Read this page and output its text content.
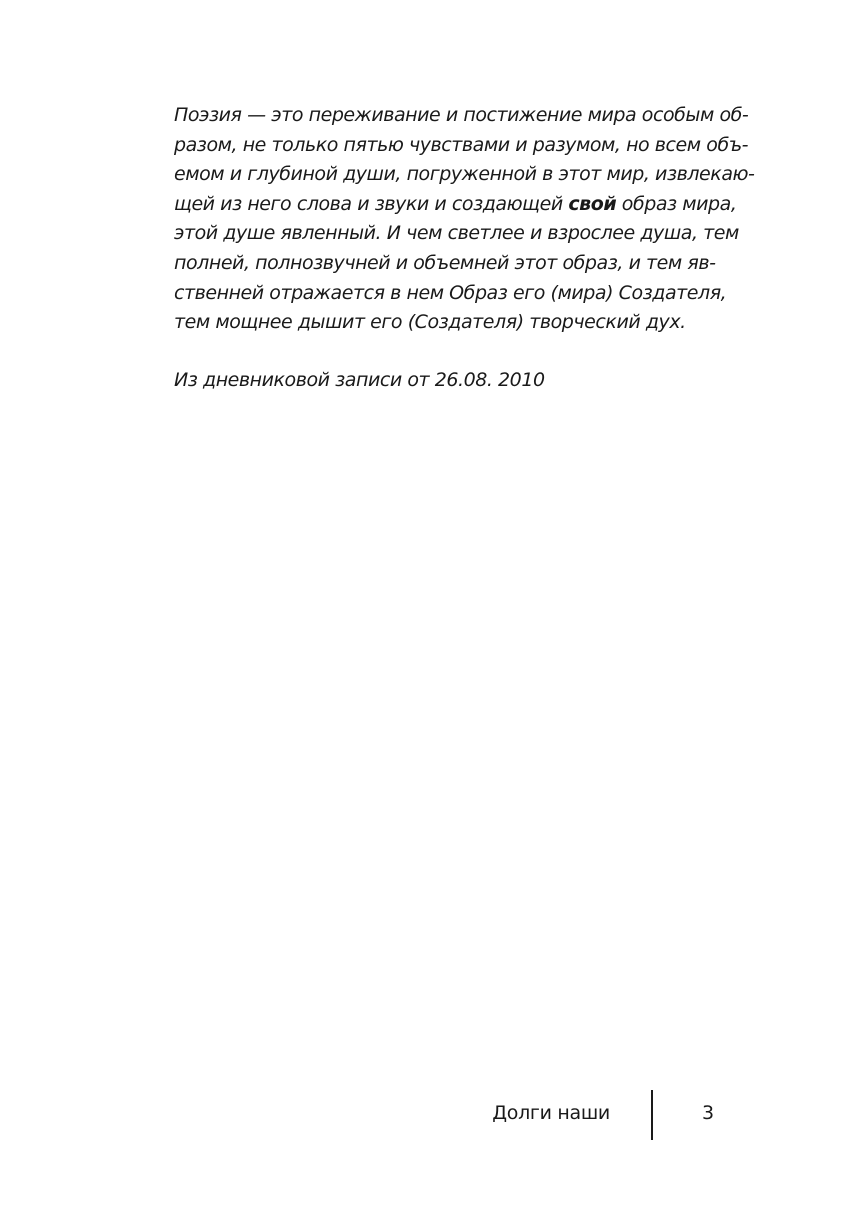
Поэзия — это переживание и постижение мира особым об-
разом, не только пятью чувствами и разумом, но всем объ-
емом и глубиной души, погруженной в этот мир, извлекаю-
щей из него слова и звуки и создающей свой образ мира,
этой душе явленный. И чем светлее и взрослее душа, тем
полней, полнозвучней и объемней этот образ, и тем яв-
ственней отражается в нем Образ его (мира) Создателя,
тем мощнее дышит его (Создателя) творческий дух.
Из дневниковой записи от 26.08. 2010
Долги наши	3
